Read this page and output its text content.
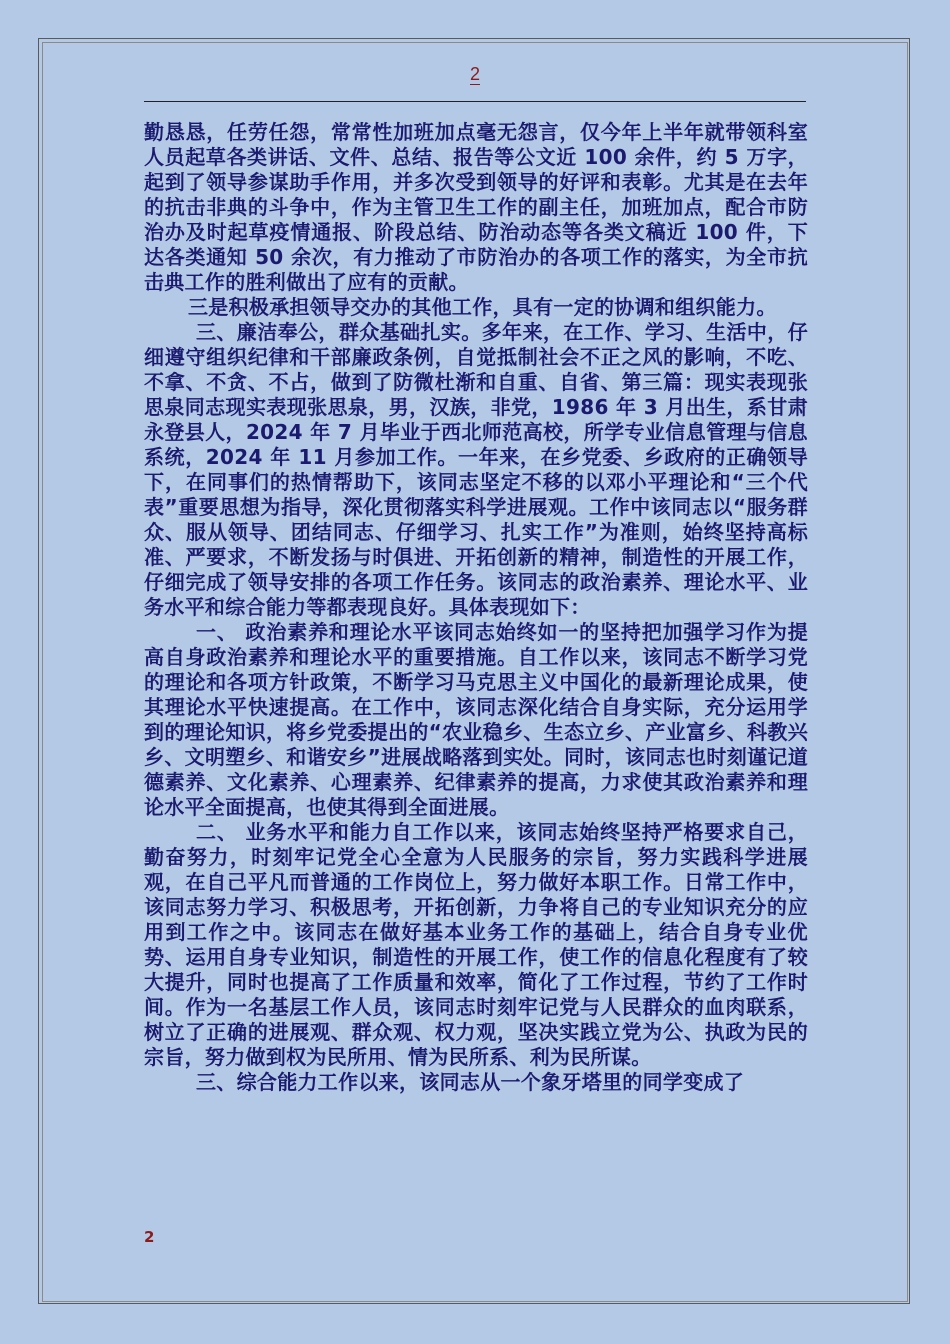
2

勤恳恳，任劳任怨，常常性加班加点毫无怨言，仅今年上半年就带领科室人员起草各类讲话、文件、总结、报告等公文近 100 余件，约 5 万字，起到了领导参谋助手作用，并多次受到领导的好评和表彰。尤其是在去年的抗击非典的斗争中，作为主管卫生工作的副主任，加班加点，配合市防治办及时起草疫情通报、阶段总结、防治动态等各类文稿近 100 件，下达各类通知 50 余次，有力推动了市防治办的各项工作的落实，为全市抗击典工作的胜利做出了应有的贡献。

三是积极承担领导交办的其他工作，具有一定的协调和组织能力。

三、廉洁奉公，群众基础扎实。多年来，在工作、学习、生活中，仔细遵守组织纪律和干部廉政条例，自觉抵制社会不正之风的影响，不吃、不拿、不贪、不占，做到了防微杜渐和自重、自省、第三篇：现实表现张思泉同志现实表现张思泉，男，汉族，非党，1986 年 3 月出生，系甘肃永登县人，2024 年 7 月毕业于西北师范高校，所学专业信息管理与信息系统，2024 年 11 月参加工作。一年来，在乡党委、乡政府的正确领导下，在同事们的热情帮助下，该同志坚定不移的以邓小平理论和“三个代表”重要思想为指导，深化贯彻落实科学进展观。工作中该同志以“服务群众、服从领导、团结同志、仔细学习、扎实工作”为准则，始终坚持高标准、严要求，不断发扬与时俱进、开拓创新的精神，制造性的开展工作，仔细完成了领导安排的各项工作任务。该同志的政治素养、理论水平、业务水平和综合能力等都表现良好。具体表现如下：

一、 政治素养和理论水平该同志始终如一的坚持把加强学习作为提高自身政治素养和理论水平的重要措施。自工作以来，该同志不断学习党的理论和各项方针政策，不断学习马克思主义中国化的最新理论成果，使其理论水平快速提高。在工作中，该同志深化结合自身实际，充分运用学到的理论知识，将乡党委提出的“农业稳乡、生态立乡、产业富乡、科教兴乡、文明塑乡、和谐安乡”进展战略落到实处。同时，该同志也时刻谨记道德素养、文化素养、心理素养、纪律素养的提高，力求使其政治素养和理论水平全面提高，也使其得到全面进展。

二、 业务水平和能力自工作以来，该同志始终坚持严格要求自己，勤奋努力，时刻牢记党全心全意为人民服务的宗旨，努力实践科学进展观，在自己平凡而普通的工作岗位上，努力做好本职工作。日常工作中，该同志努力学习、积极思考，开拓创新，力争将自己的专业知识充分的应用到工作之中。该同志在做好基本业务工作的基础上，结合自身专业优势、运用自身专业知识，制造性的开展工作，使工作的信息化程度有了较大提升，同时也提高了工作质量和效率，简化了工作过程，节约了工作时间。作为一名基层工作人员，该同志时刻牢记党与人民群众的血肉联系，树立了正确的进展观、群众观、权力观，坚决实践立党为公、执政为民的宗旨，努力做到权为民所用、情为民所系、利为民所谋。

三、综合能力工作以来，该同志从一个象牙塔里的同学变成了

2
